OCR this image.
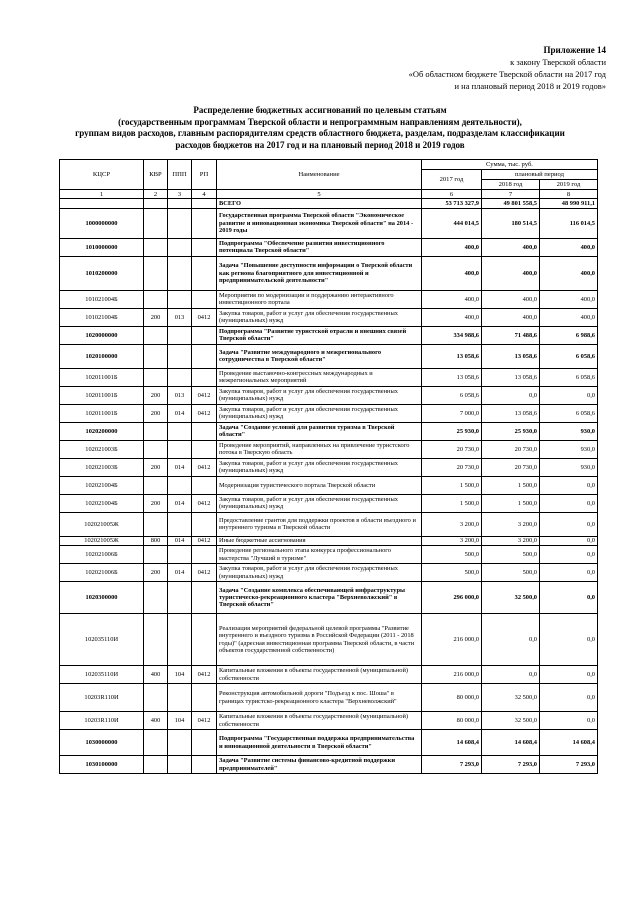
Приложение 14
к закону Тверской области
«Об областном бюджете Тверской области на 2017 год
и на плановый период 2018 и 2019 годов»
Распределение бюджетных ассигнований по целевым статьям
(государственным программам Тверской области и непрограммным направлениям деятельности),
группам видов расходов, главным распорядителям средств областного бюджета, разделам, подразделам классификации
расходов бюджетов на 2017 год и на плановый период 2018 и 2019 годов
КЦСР	КВР	ППП	РП	Наименование	Сумма, тыс. руб.		
					2017 год	плановый период	
						2018 год	2019 год
1	2	3	4	5	6	7	8
				ВСЕГО	53 713 327,9	49 801 558,5	48 990 911,1
1000000000				Государственная программа Тверской области "Экономическое развитие и инновационная экономика Тверской области" на 2014 - 2019 годы	444 014,5	180 514,5	116 014,5
1010000000				Подпрограмма "Обеспечение развития инвестиционного потенциала Тверской области"	400,0	400,0	400,0
1010200000				Задача "Повышение доступности информации о Тверской области как региона благоприятного для инвестиционной и предпринимательской деятельности"	400,0	400,0	400,0
101021004Б				Мероприятия по модернизации и поддержанию интерактивного инвестиционного портала	400,0	400,0	400,0
101021004Б	200	013	0412	Закупка товаров, работ и услуг для обеспечения государственных (муниципальных) нужд	400,0	400,0	400,0
1020000000				Подпрограмма "Развитие туристской отрасли и внешних связей Тверской области"	334 988,6	71 488,6	6 988,6
1020100000				Задача "Развитие международного и межрегионального сотрудничества в Тверской области"	13 058,6	13 058,6	6 058,6
102011001Б				Проведение выставочно-конгрессных международных и межрегиональных мероприятий	13 058,6	13 058,6	6 058,6
102011001Б	200	013	0412	Закупка товаров, работ и услуг для обеспечения государственных (муниципальных) нужд	6 058,6	0,0	0,0
102011001Б	200	014	0412	Закупка товаров, работ и услуг для обеспечения государственных (муниципальных) нужд	7 000,0	13 058,6	6 058,6
1020200000				Задача "Создание условий для развития туризма в Тверской области"	25 930,0	25 930,0	930,0
102021003Б				Проведение мероприятий, направленных на привлечение туристского потока в Тверскую область	20 730,0	20 730,0	930,0
102021003Б	200	014	0412	Закупка товаров, работ и услуг для обеспечения государственных (муниципальных) нужд	20 730,0	20 730,0	930,0
102021004Б				Модернизация туристического портала Тверской области	1 500,0	1 500,0	0,0
102021004Б	200	014	0412	Закупка товаров, работ и услуг для обеспечения государственных (муниципальных) нужд	1 500,0	1 500,0	0,0
102021005Ж				Предоставление грантов для поддержки проектов в области въездного и внутреннего туризма в Тверской области	3 200,0	3 200,0	0,0
102021005Ж	800	014	0412	Иные бюджетные ассигнования	3 200,0	3 200,0	0,0
102021006Б				Проведение регионального этапа конкурса профессионального мастерства "Лучший в туризме"	500,0	500,0	0,0
102021006Б	200	014	0412	Закупка товаров, работ и услуг для обеспечения государственных (муниципальных) нужд	500,0	500,0	0,0
1020300000				Задача "Создание комплекса обеспечивающей инфраструктуры туристическо-рекреационного кластера "Верхневолжский" в Тверской области"	296 000,0	32 500,0	0,0
102035110И				Реализация мероприятий федеральной целевой программы "Развитие внутреннего и въездного туризма в Российской Федерации (2011 - 2018 годы)" (адресная инвестиционная программа Тверской области, в части объектов государственной собственности)	216 000,0	0,0	0,0
102035110И	400	104	0412	Капитальные вложения в объекты государственной (муниципальной) собственности	216 000,0	0,0	0,0
10203R110И				Реконструкция автомобильной дороги "Подъезд к пос. Шоша" в границах туристско-рекреационного кластера "Верхневолжский"	80 000,0	32 500,0	0,0
10203R110И	400	104	0412	Капитальные вложения в объекты государственной (муниципальной) собственности	80 000,0	32 500,0	0,0
1030000000				Подпрограмма "Государственная поддержка предпринимательства и инновационной деятельности в Тверской области"	14 608,4	14 608,4	14 608,4
1030100000				Задача "Развитие системы финансово-кредитной поддержки предпринимателей"	7 293,0	7 293,0	7 293,0
